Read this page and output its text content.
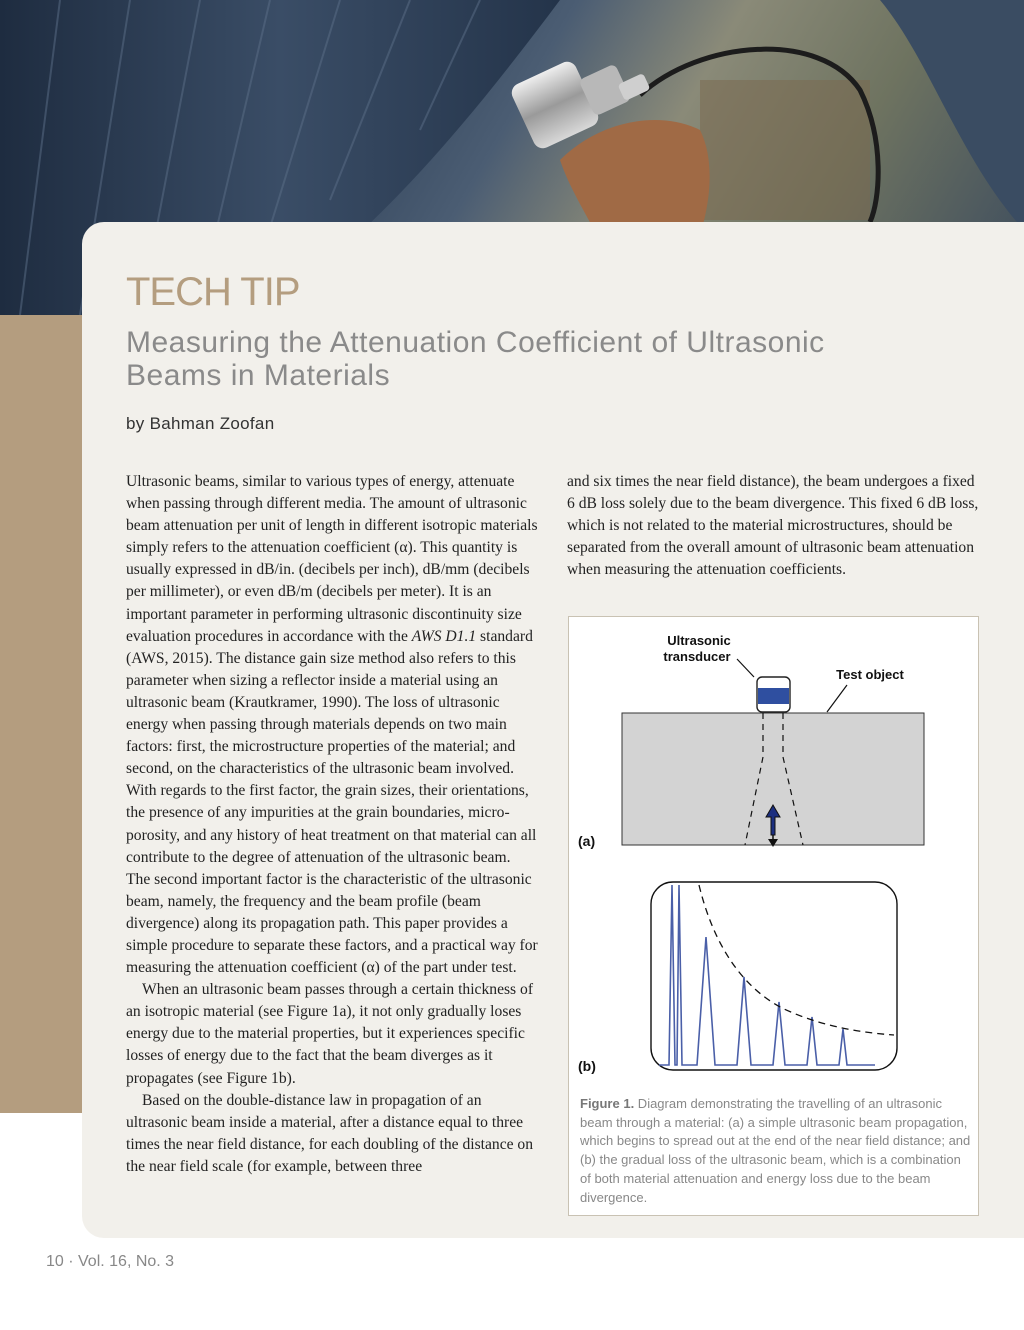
TECH TIP
Measuring the Attenuation Coefficient of Ultrasonic Beams in Materials
by Bahman Zoofan

Ultrasonic beams, similar to various types of energy, attenuate when passing through different media. The amount of ultrasonic beam attenuation per unit of length in different isotropic materials simply refers to the attenuation coefficient (α). This quantity is usually expressed in dB/in. (decibels per inch), dB/mm (decibels per millimeter), or even dB/m (decibels per meter). It is an important parameter in performing ultrasonic discontinuity size evaluation procedures in accordance with the AWS D1.1 standard (AWS, 2015). The distance gain size method also refers to this parameter when sizing a reflector inside a material using an ultrasonic beam (Krautkramer, 1990). The loss of ultrasonic energy when passing through materials depends on two main factors: first, the microstructure properties of the material; and second, on the characteristics of the ultrasonic beam involved. With regards to the first factor, the grain sizes, their orientations, the presence of any impurities at the grain boundaries, micro-porosity, and any history of heat treatment on that material can all contribute to the degree of attenuation of the ultrasonic beam. The second important factor is the characteristic of the ultrasonic beam, namely, the frequency and the beam profile (beam divergence) along its propagation path. This paper provides a simple procedure to separate these factors, and a practical way for measuring the attenuation coefficient (α) of the part under test.

When an ultrasonic beam passes through a certain thickness of an isotropic material (see Figure 1a), it not only gradually loses energy due to the material properties, but it experiences specific losses of energy due to the fact that the beam diverges as it propagates (see Figure 1b).

Based on the double-distance law in propagation of an ultrasonic beam inside a material, after a distance equal to three times the near field distance, for each doubling of the distance on the near field scale (for example, between three

and six times the near field distance), the beam undergoes a fixed 6 dB loss solely due to the beam divergence. This fixed 6 dB loss, which is not related to the material microstructures, should be separated from the overall amount of ultrasonic beam attenuation when measuring the attenuation coefficients.

Ultrasonic
transducer
Test object
(a)
(b)
Figure 1. Diagram demonstrating the travelling of an ultrasonic beam through a material: (a) a simple ultrasonic beam propagation, which begins to spread out at the end of the near field distance; and (b) the gradual loss of the ultrasonic beam, which is a combination of both material attenuation and energy loss due to the beam divergence.
10 · Vol. 16, No. 3
